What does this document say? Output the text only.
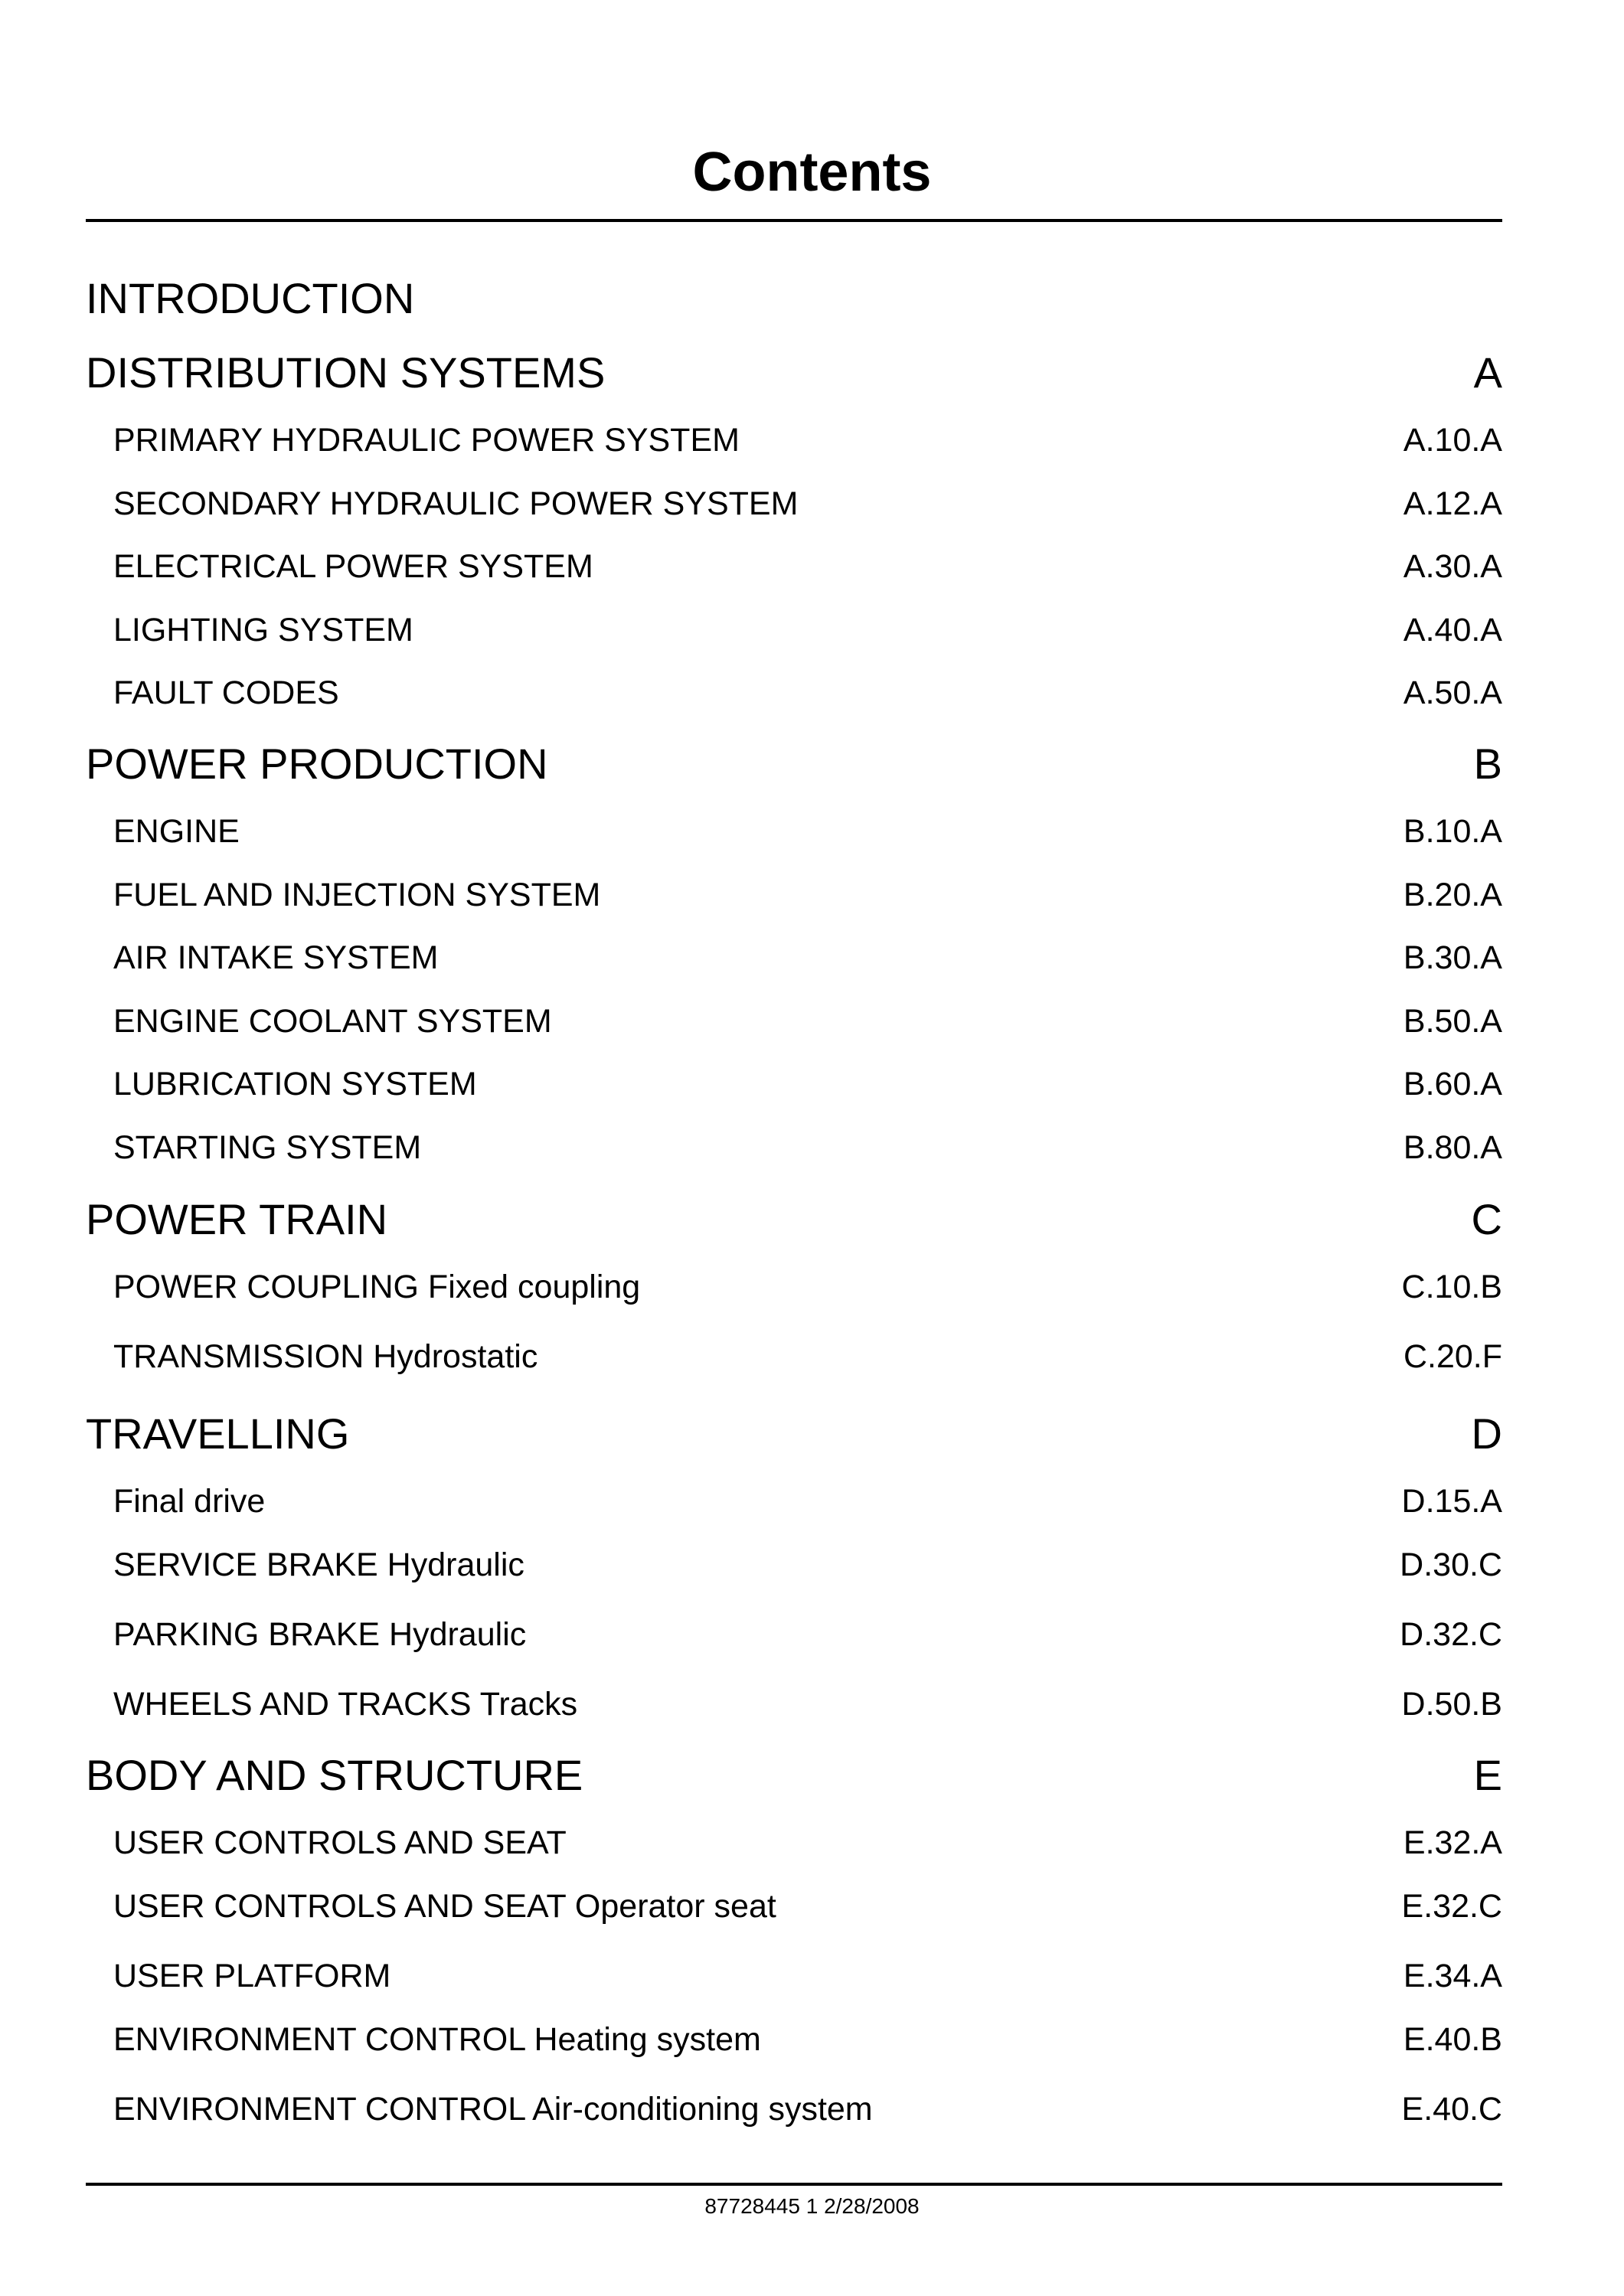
Contents
INTRODUCTION
DISTRIBUTION SYSTEMS	A
PRIMARY HYDRAULIC POWER SYSTEM	A.10.A
SECONDARY HYDRAULIC POWER SYSTEM	A.12.A
ELECTRICAL POWER SYSTEM	A.30.A
LIGHTING SYSTEM	A.40.A
FAULT CODES	A.50.A
POWER PRODUCTION	B
ENGINE	B.10.A
FUEL AND INJECTION SYSTEM	B.20.A
AIR INTAKE SYSTEM	B.30.A
ENGINE COOLANT SYSTEM	B.50.A
LUBRICATION SYSTEM	B.60.A
STARTING SYSTEM	B.80.A
POWER TRAIN	C
POWER COUPLING Fixed coupling	C.10.B
TRANSMISSION Hydrostatic	C.20.F
TRAVELLING	D
Final drive	D.15.A
SERVICE BRAKE Hydraulic	D.30.C
PARKING BRAKE Hydraulic	D.32.C
WHEELS AND TRACKS Tracks	D.50.B
BODY AND STRUCTURE	E
USER CONTROLS AND SEAT	E.32.A
USER CONTROLS AND SEAT Operator seat	E.32.C
USER PLATFORM	E.34.A
ENVIRONMENT CONTROL Heating system	E.40.B
ENVIRONMENT CONTROL Air-conditioning system	E.40.C
87728445 1 2/28/2008
